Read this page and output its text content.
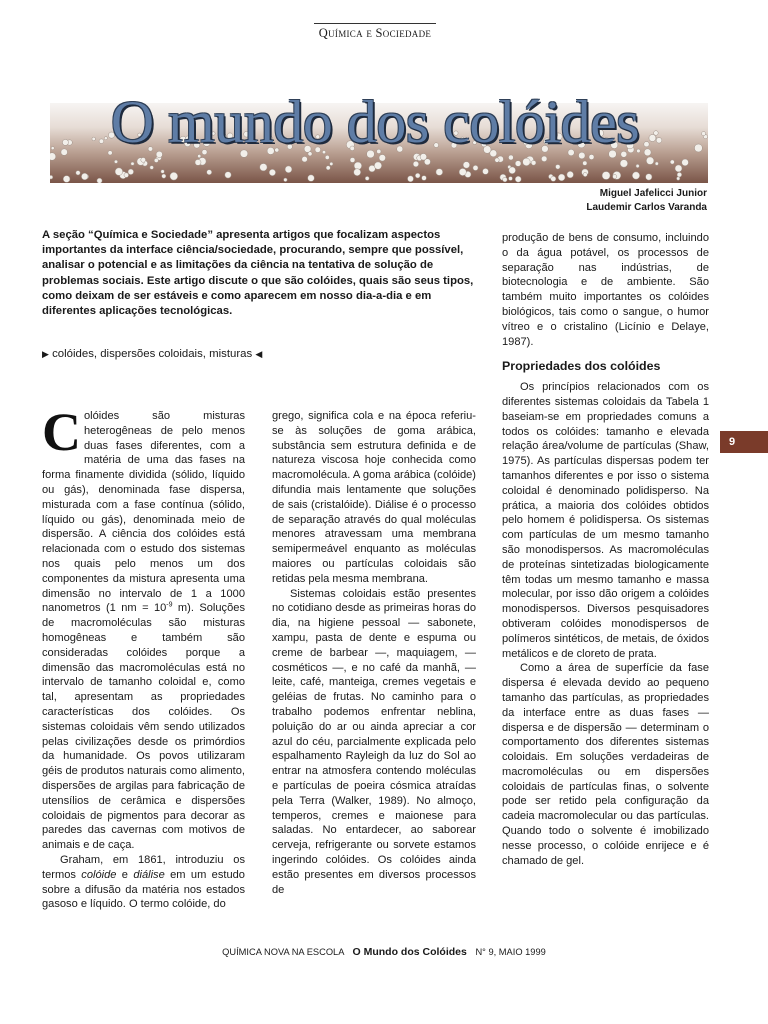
Química e Sociedade
O mundo dos colóides
Miguel Jafelicci Junior
Laudemir Carlos Varanda
A seção “Química e Sociedade” apresenta artigos que focalizam aspectos importantes da interface ciência/sociedade, procurando, sempre que possível, analisar o potencial e as limitações da ciência na tentativa de solução de problemas sociais. Este artigo discute o que são colóides, quais são seus tipos, como deixam de ser estáveis e como aparecem em nosso dia-a-dia e em diferentes aplicações tecnológicas.
▶ colóides, dispersões coloidais, misturas ◀

Colóides são misturas heterogêneas de pelo menos duas fases diferentes, com a matéria de uma das fases na forma finamente dividida (sólido, líquido ou gás), denominada fase dispersa, misturada com a fase contínua (sólido, líquido ou gás), denominada meio de dispersão. A ciência dos colóides está relacionada com o estudo dos sistemas nos quais pelo menos um dos componentes da mistura apresenta uma dimensão no intervalo de 1 a 1000 nanometros (1 nm = $10^{-9}$ m). Soluções de macromoléculas são misturas homogêneas e também são consideradas colóides porque a dimensão das macromoléculas está no intervalo de tamanho coloidal e, como tal, apresentam as propriedades características dos colóides. Os sistemas coloidais vêm sendo utilizados pelas civilizações desde os primórdios da humanidade. Os povos utilizaram géis de produtos naturais como alimento, dispersões de argilas para fabricação de utensílios de cerâmica e dispersões coloidais de pigmentos para decorar as paredes das cavernas com motivos de animais e de caça.

Graham, em 1861, introduziu os termos colóide e diálise em um estudo sobre a difusão da matéria nos estados gasoso e líquido. O termo colóide, do

grego, significa cola e na época referiu-se às soluções de goma arábica, substância sem estrutura definida e de natureza viscosa hoje conhecida como macromolécula. A goma arábica (colóide) difundia mais lentamente que soluções de sais (cristalóide). Diálise é o processo de separação através do qual moléculas menores atravessam uma membrana semipermeável enquanto as moléculas maiores ou partículas coloidais são retidas pela mesma membrana.

Sistemas coloidais estão presentes no cotidiano desde as primeiras horas do dia, na higiene pessoal — sabonete, xampu, pasta de dente e espuma ou creme de barbear —, maquiagem, — cosméticos —, e no café da manhã, — leite, café, manteiga, cremes vegetais e geléias de frutas. No caminho para o trabalho podemos enfrentar neblina, poluição do ar ou ainda apreciar a cor azul do céu, parcialmente explicada pelo espalhamento Rayleigh da luz do Sol ao entrar na atmosfera contendo moléculas e partículas de poeira cósmica atraídas pela Terra (Walker, 1989). No almoço, temperos, cremes e maionese para saladas. No entardecer, ao saborear cerveja, refrigerante ou sorvete estamos ingerindo colóides. Os colóides ainda estão presentes em diversos processos de

produção de bens de consumo, incluindo o da água potável, os processos de separação nas indústrias, de biotecnologia e de ambiente. São também muito importantes os colóides biológicos, tais como o sangue, o humor vítreo e o cristalino (Licínio e Delaye, 1987).

Propriedades dos colóides

Os princípios relacionados com os diferentes sistemas coloidais da Tabela 1 baseiam-se em propriedades comuns a todos os colóides: tamanho e elevada relação área/volume de partículas (Shaw, 1975). As partículas dispersas podem ter tamanhos diferentes e por isso o sistema coloidal é denominado polidisperso. Na prática, a maioria dos colóides obtidos pelo homem é polidispersa. Os sistemas com partículas de um mesmo tamanho são monodispersos. As macromoléculas de proteínas sintetizadas biologicamente têm todas um mesmo tamanho e massa molecular, por isso dão origem a colóides monodispersos. Diversos pesquisadores obtiveram colóides monodispersos de polímeros sintéticos, de metais, de óxidos metálicos e de cloreto de prata.

Como a área de superfície da fase dispersa é elevada devido ao pequeno tamanho das partículas, as propriedades da interface entre as duas fases — dispersa e de dispersão — determinam o comportamento dos diferentes sistemas coloidais. Em soluções verdadeiras de macromoléculas ou em dispersões coloidais de partículas finas, o solvente pode ser retido pela configuração da cadeia macromolecular ou das partículas. Quando todo o solvente é imobilizado nesse processo, o colóide enrijece e é chamado de gel.

9
QUÍMICA NOVA NA ESCOLA O Mundo dos Colóides N° 9, MAIO 1999
